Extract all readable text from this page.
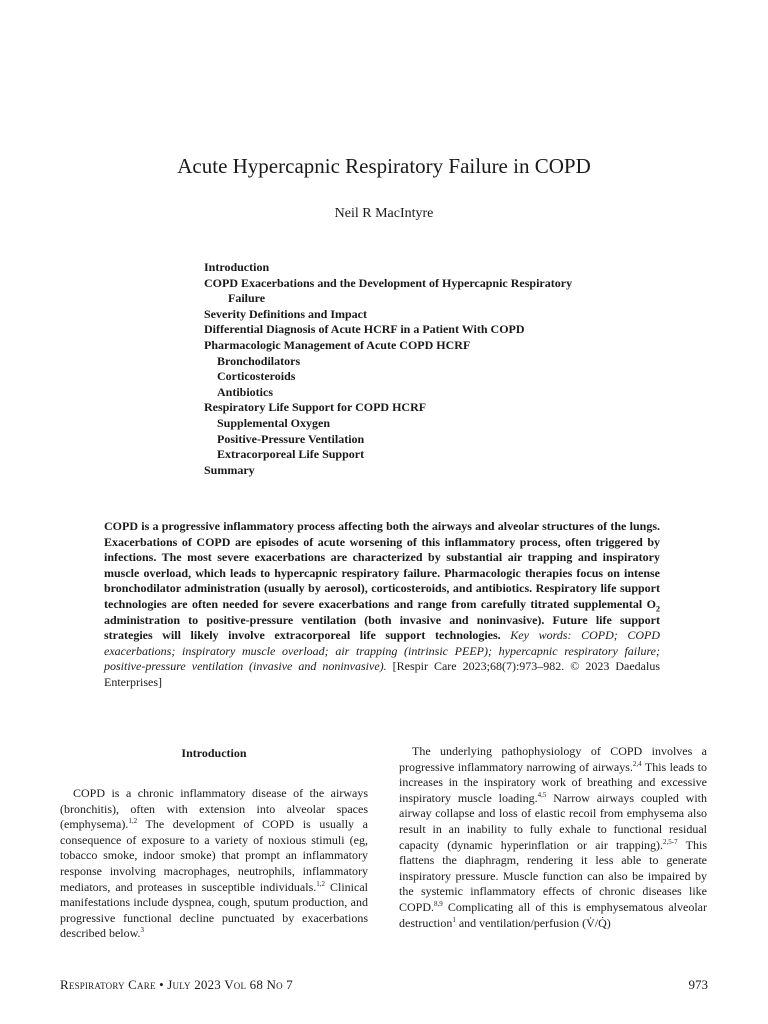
Acute Hypercapnic Respiratory Failure in COPD
Neil R MacIntyre
Introduction
COPD Exacerbations and the Development of Hypercapnic Respiratory
Failure
Severity Definitions and Impact
Differential Diagnosis of Acute HCRF in a Patient With COPD
Pharmacologic Management of Acute COPD HCRF
Bronchodilators
Corticosteroids
Antibiotics
Respiratory Life Support for COPD HCRF
Supplemental Oxygen
Positive-Pressure Ventilation
Extracorporeal Life Support
Summary
COPD is a progressive inflammatory process affecting both the airways and alveolar structures of the lungs. Exacerbations of COPD are episodes of acute worsening of this inflammatory process, often triggered by infections. The most severe exacerbations are characterized by substantial air trapping and inspiratory muscle overload, which leads to hypercapnic respiratory failure. Pharmacologic therapies focus on intense bronchodilator administration (usually by aerosol), corticosteroids, and antibiotics. Respiratory life support technologies are often needed for severe exacerbations and range from carefully titrated supplemental $O_2$ administration to positive-pressure ventilation (both invasive and noninvasive). Future life support strategies will likely involve extracorporeal life support technologies. Key words: COPD; COPD exacerbations; inspiratory muscle overload; air trapping (intrinsic PEEP); hypercapnic respiratory failure; positive-pressure ventilation (invasive and noninvasive). [Respir Care 2023;68(7):973–982. © 2023 Daedalus Enterprises]
Introduction

COPD is a chronic inflammatory disease of the airways (bronchitis), often with extension into alveolar spaces (emphysema).$^{1,2}$ The development of COPD is usually a consequence of exposure to a variety of noxious stimuli (eg, tobacco smoke, indoor smoke) that prompt an inflammatory response involving macrophages, neutrophils, inflammatory mediators, and proteases in susceptible individuals.$^{1,2}$ Clinical manifestations include dyspnea, cough, sputum production, and progressive functional decline punctuated by exacerbations described below.$^3$

The underlying pathophysiology of COPD involves a progressive inflammatory narrowing of airways.$^{2,4}$ This leads to increases in the inspiratory work of breathing and excessive inspiratory muscle loading.$^{4,5}$ Narrow airways coupled with airway collapse and loss of elastic recoil from emphysema also result in an inability to fully exhale to functional residual capacity (dynamic hyperinflation or air trapping).$^{2,5-7}$ This flattens the diaphragm, rendering it less able to generate inspiratory pressure. Muscle function can also be impaired by the systemic inflammatory effects of chronic diseases like COPD.$^{8,9}$ Complicating all of this is emphysematous alveolar destruction$^1$ and ventilation/perfusion (V̇/Q̇)

Respiratory Care • July 2023 Vol 68 No 7	973
